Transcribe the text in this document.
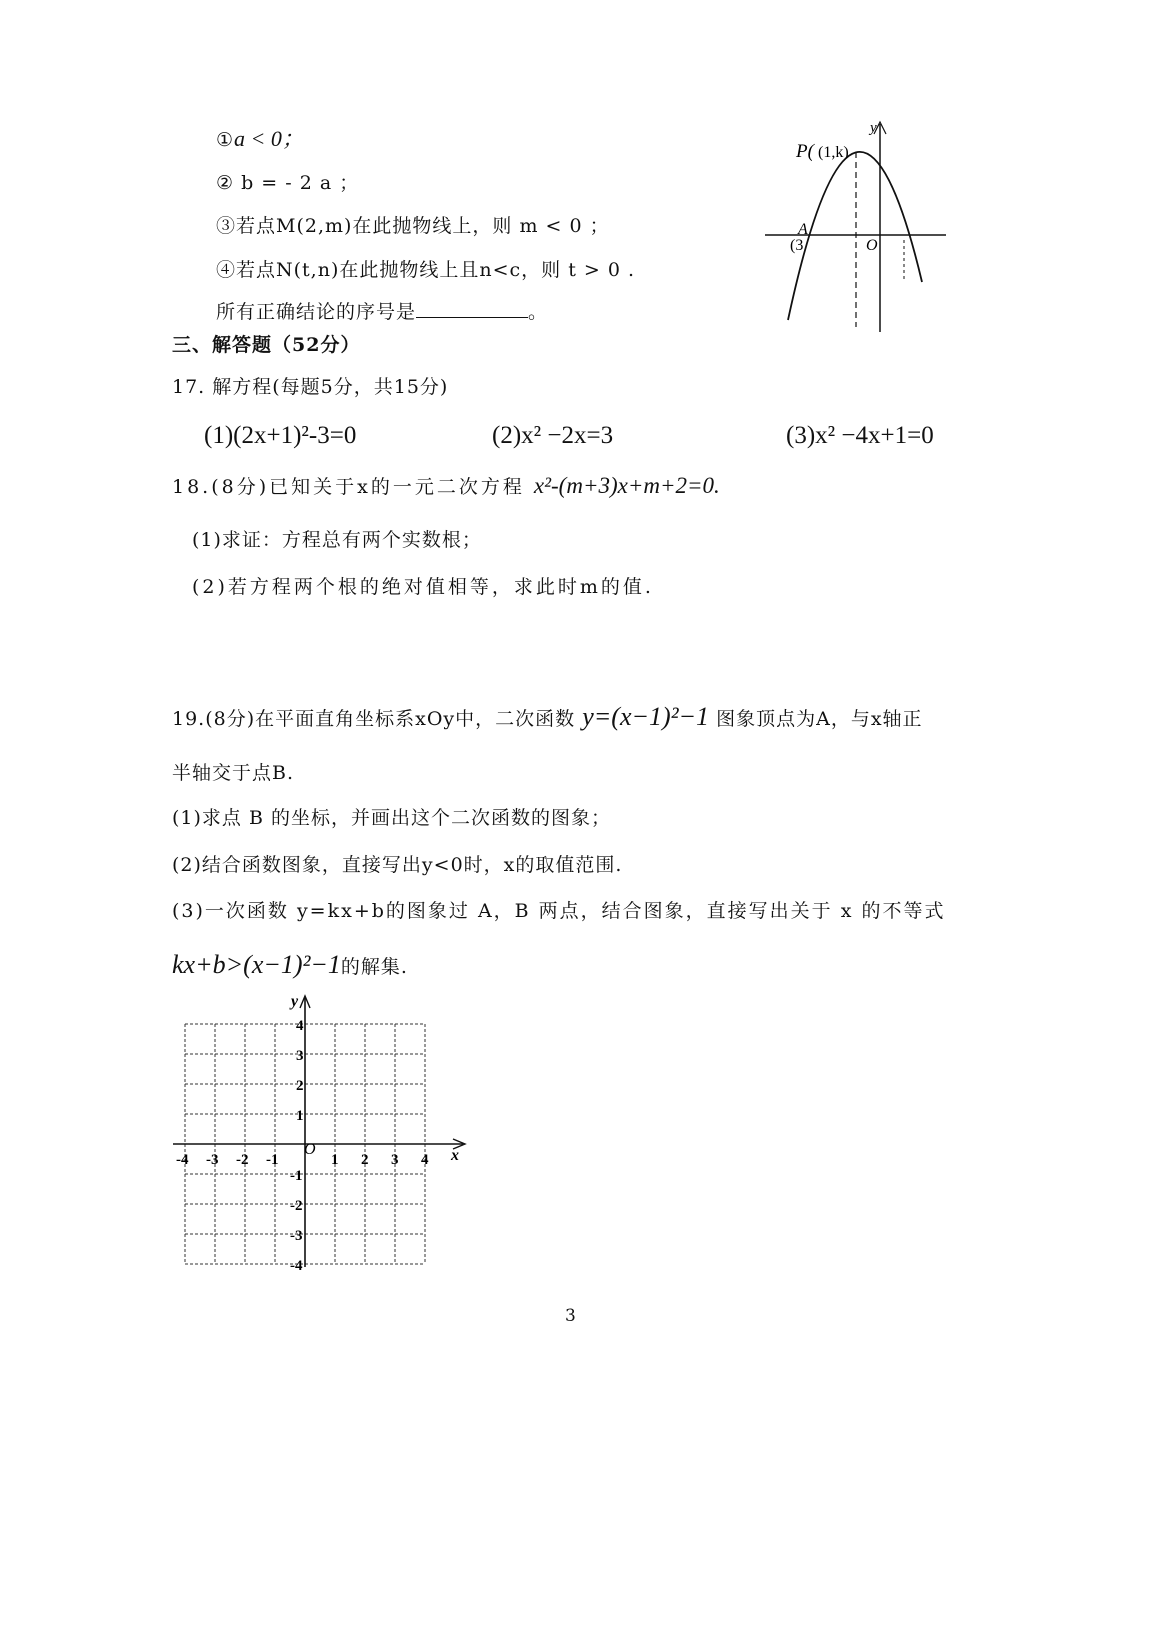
①a < 0；
② b = - 2 a ；
③若点M(2,m)在此抛物线上，则 m < 0 ；
④若点N(t,n)在此抛物线上且n<c，则 t > 0 .
所有正确结论的序号是	。
P( (1,k)
A
(3	O
y
三、解答题（52分）
17. 解方程(每题5分，共15分)
(1)(2x+1)²-3=0	(2)x² −2x=3	(3)x² −4x+1=0
18.(8分)已知关于x的一元二次方程 x²-(m+3)x+m+2=0.
(1)求证：方程总有两个实数根；
(2)若方程两个根的绝对值相等，求此时m的值.
19.(8分)在平面直角坐标系xOy中，二次函数 y=(x−1)²−1 图象顶点为A，与x轴正
半轴交于点B.
(1)求点 B 的坐标，并画出这个二次函数的图象；
(2)结合函数图象，直接写出y<0时，x的取值范围.
(3)一次函数 y=kx+b的图象过 A，B 两点，结合图象，直接写出关于 x 的不等式
kx+b>(x−1)²−1的解集.
-4 -3 -2 -1	1 2 3 4
4
3
2
1
-1
-2
-3
-4
O	x
y
3
